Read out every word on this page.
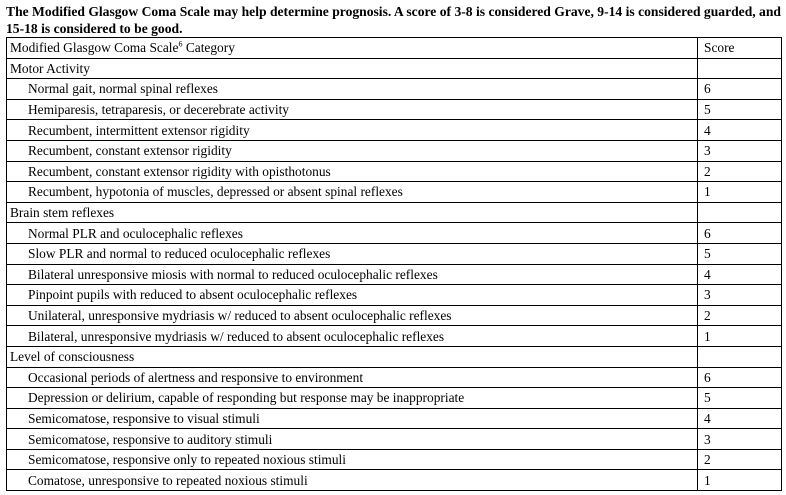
The Modified Glasgow Coma Scale may help determine prognosis. A score of 3-8 is considered Grave, 9-14 is considered guarded, and 15-18 is considered to be good.
Modified Glasgow Coma Scale$^6$ Category	Score
Motor Activity	
Normal gait, normal spinal reflexes	6
Hemiparesis, tetraparesis, or decerebrate activity	5
Recumbent, intermittent extensor rigidity	4
Recumbent, constant extensor rigidity	3
Recumbent, constant extensor rigidity with opisthotonus	2
Recumbent, hypotonia of muscles, depressed or absent spinal reflexes	1
Brain stem reflexes	
Normal PLR and oculocephalic reflexes	6
Slow PLR and normal to reduced oculocephalic reflexes	5
Bilateral unresponsive miosis with normal to reduced oculocephalic reflexes	4
Pinpoint pupils with reduced to absent oculocephalic reflexes	3
Unilateral, unresponsive mydriasis w/ reduced to absent oculocephalic reflexes	2
Bilateral, unresponsive mydriasis w/ reduced to absent oculocephalic reflexes	1
Level of consciousness	
Occasional periods of alertness and responsive to environment	6
Depression or delirium, capable of responding but response may be inappropriate	5
Semicomatose, responsive to visual stimuli	4
Semicomatose, responsive to auditory stimuli	3
Semicomatose, responsive only to repeated noxious stimuli	2
Comatose, unresponsive to repeated noxious stimuli	1
